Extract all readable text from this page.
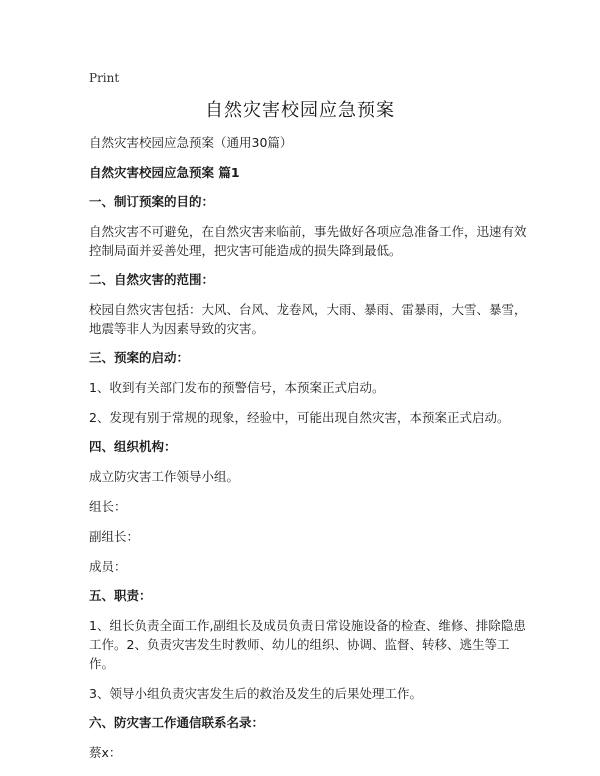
Print
自然灾害校园应急预案

自然灾害校园应急预案（通用30篇）

自然灾害校园应急预案 篇1

一、制订预案的目的：

自然灾害不可避免，在自然灾害来临前，事先做好各项应急准备工作，迅速有效控制局面并妥善处理，把灾害可能造成的损失降到最低。

二、自然灾害的范围：

校园自然灾害包括：大风、台风、龙卷风，大雨、暴雨、雷暴雨，大雪、暴雪，地震等非人为因素导致的灾害。

三、预案的启动：

1、收到有关部门发布的预警信号，本预案正式启动。

2、发现有别于常规的现象，经验中，可能出现自然灾害，本预案正式启动。

四、组织机构：

成立防灾害工作领导小组。

组长：

副组长：

成员：

五、职责：

1、组长负责全面工作,副组长及成员负责日常设施设备的检查、维修、排除隐患工作。2、负责灾害发生时教师、幼儿的组织、协调、监督、转移、逃生等工作。

3、领导小组负责灾害发生后的救治及发生的后果处理工作。

六、防灾害工作通信联系名录：

蔡x：
